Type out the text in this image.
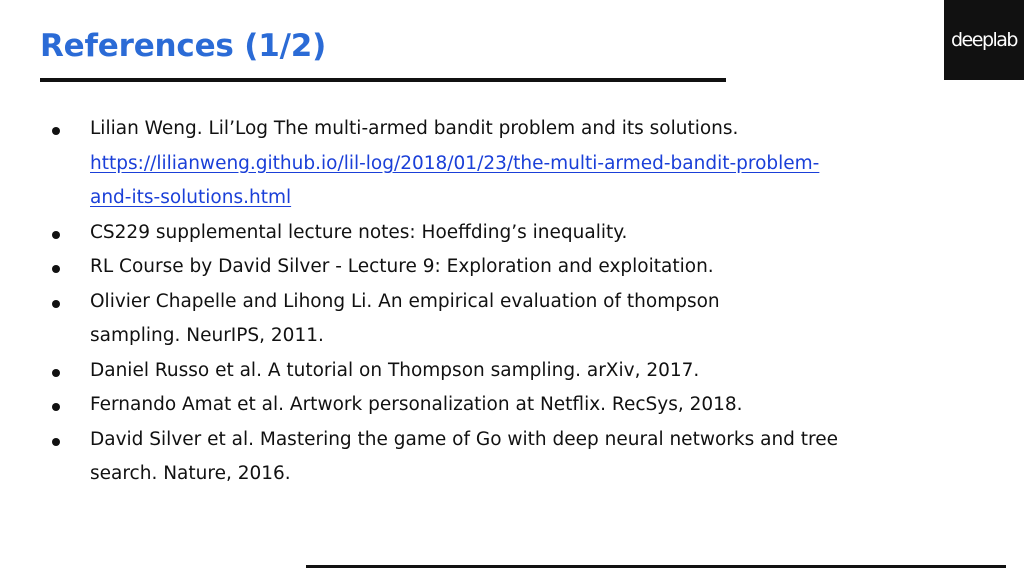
References (1/2)	deeplab
Lilian Weng. Lil’Log The multi-armed bandit problem and its solutions.
https://lilianweng.github.io/lil-log/2018/01/23/the-multi-armed-bandit-problem-
and-its-solutions.html
CS229 supplemental lecture notes: Hoeffding’s inequality.
RL Course by David Silver - Lecture 9: Exploration and exploitation.
Olivier Chapelle and Lihong Li. An empirical evaluation of thompson
sampling. NeurIPS, 2011.
Daniel Russo et al. A tutorial on Thompson sampling. arXiv, 2017.
Fernando Amat et al. Artwork personalization at Netflix. RecSys, 2018.
David Silver et al. Mastering the game of Go with deep neural networks and tree
search. Nature, 2016.
